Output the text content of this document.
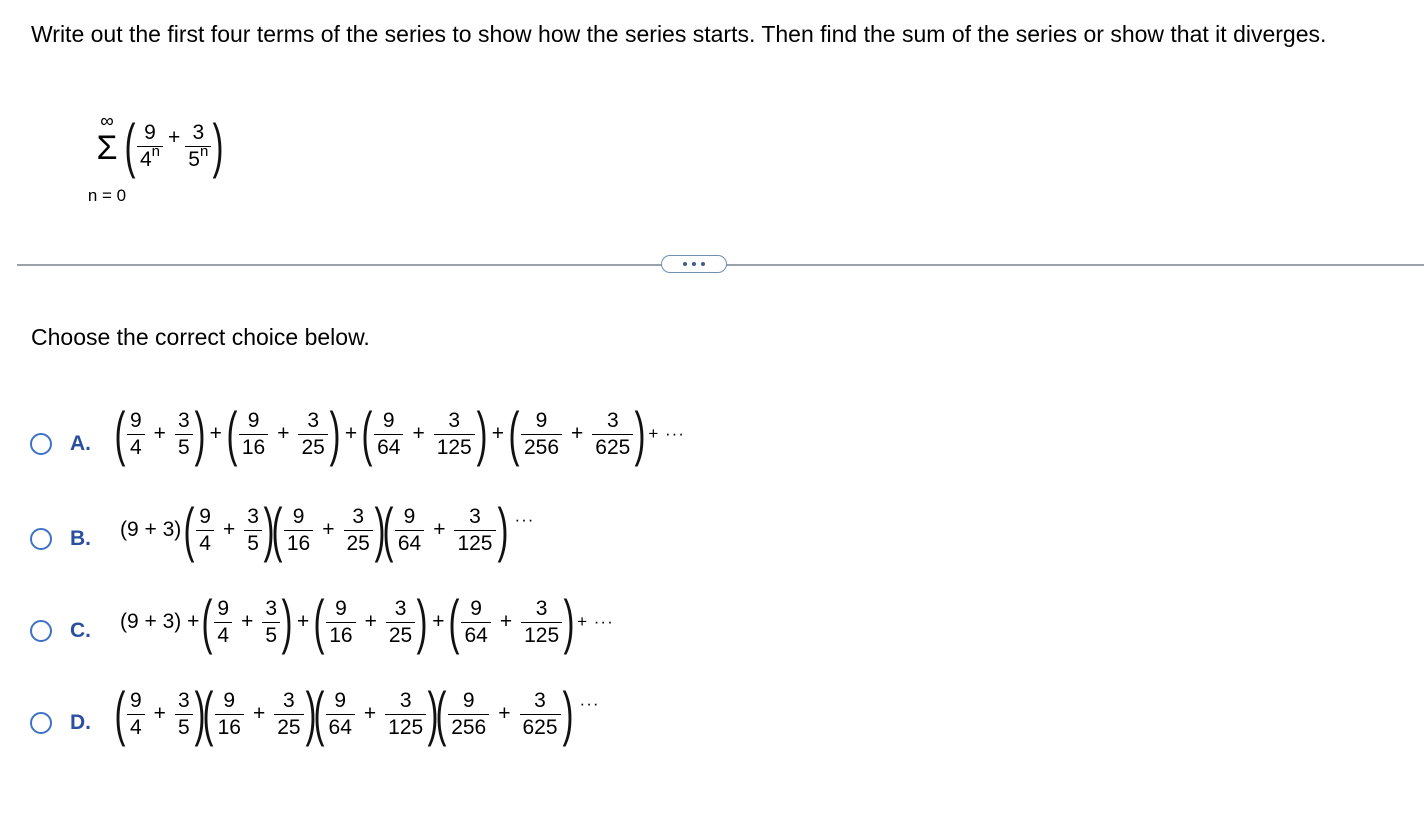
Write out the first four terms of the series to show how the series starts. Then find the sum of the series or show that it diverges.
∞
Σ
n = 0
( $\frac{9}{4^n} + \frac{3}{5^n}$ )
Choose the correct choice below.
A. ( $\frac{9}{4} + \frac{3}{5}$ ) + ( $\frac{9}{16} + \frac{3}{25}$ ) + ( $\frac{9}{64} + \frac{3}{125}$ ) + ( $\frac{9}{256} + \frac{3}{625}$ ) + ···
B. (9 + 3) ( $\frac{9}{4} + \frac{3}{5}$ )
( $\frac{9}{16} + \frac{3}{25}$ )
( $\frac{9}{64} + \frac{3}{125}$ ) ···
C. (9 + 3) + ( $\frac{9}{4} + \frac{3}{5}$ ) + ( $\frac{9}{16} + \frac{3}{25}$ ) + ( $\frac{9}{64} + \frac{3}{125}$ ) + ···
D. ( $\frac{9}{4} + \frac{3}{5}$ )
( $\frac{9}{16} + \frac{3}{25}$ )
( $\frac{9}{64} + \frac{3}{125}$ )
( $\frac{9}{256} + \frac{3}{625}$ ) ···
